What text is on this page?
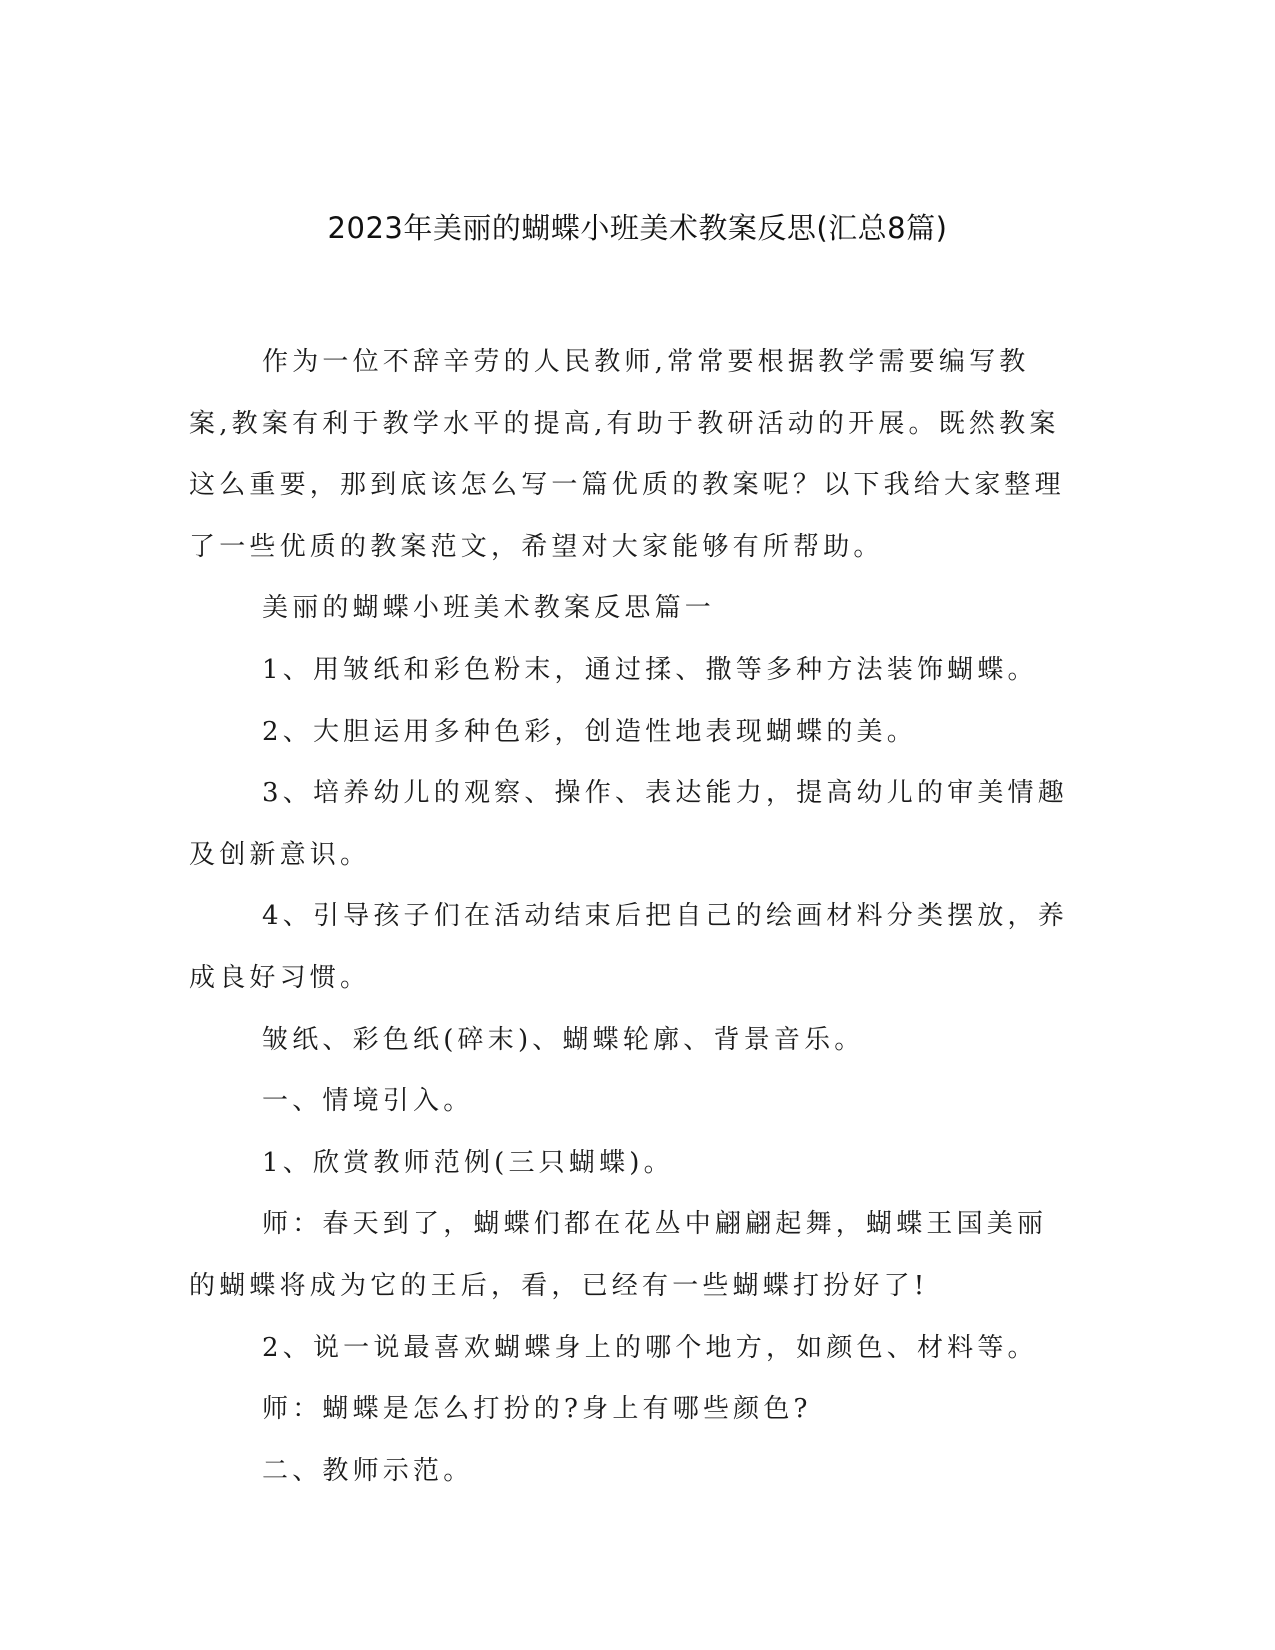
2023年美丽的蝴蝶小班美术教案反思(汇总8篇)

作为一位不辞辛劳的人民教师,常常要根据教学需要编写教案,教案有利于教学水平的提高,有助于教研活动的开展。既然教案这么重要，那到底该怎么写一篇优质的教案呢？以下我给大家整理了一些优质的教案范文，希望对大家能够有所帮助。

美丽的蝴蝶小班美术教案反思篇一

1、用皱纸和彩色粉末，通过揉、撒等多种方法装饰蝴蝶。

2、大胆运用多种色彩，创造性地表现蝴蝶的美。

3、培养幼儿的观察、操作、表达能力，提高幼儿的审美情趣及创新意识。

4、引导孩子们在活动结束后把自己的绘画材料分类摆放，养成良好习惯。

皱纸、彩色纸(碎末)、蝴蝶轮廓、背景音乐。

一、情境引入。

1、欣赏教师范例(三只蝴蝶)。

师：春天到了，蝴蝶们都在花丛中翩翩起舞，蝴蝶王国美丽的蝴蝶将成为它的王后，看，已经有一些蝴蝶打扮好了!

2、说一说最喜欢蝴蝶身上的哪个地方，如颜色、材料等。

师：蝴蝶是怎么打扮的?身上有哪些颜色?

二、教师示范。
